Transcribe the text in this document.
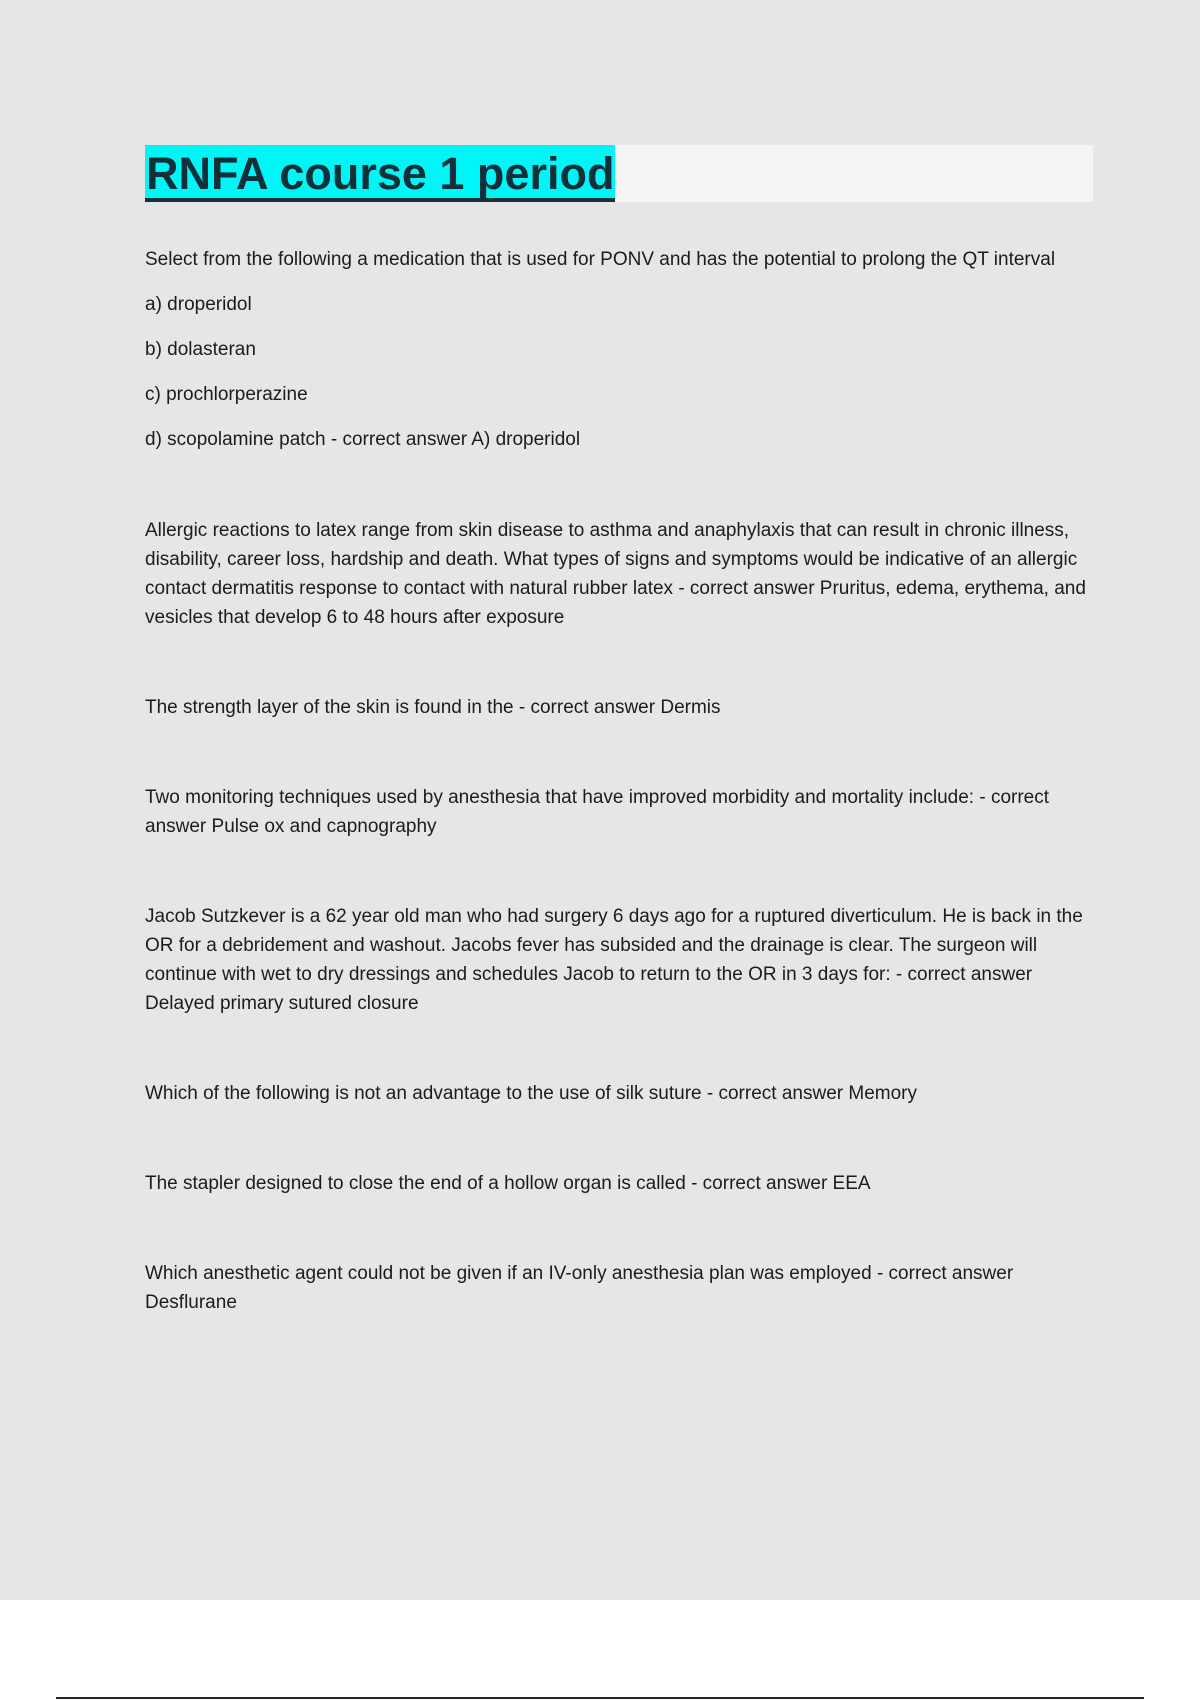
RNFA course 1 period

Select from the following a medication that is used for PONV and has the potential to prolong the QT interval

a) droperidol

b) dolasteran

c) prochlorperazine

d) scopolamine patch - correct answer A) droperidol

Allergic reactions to latex range from skin disease to asthma and anaphylaxis that can result in chronic illness, disability, career loss, hardship and death. What types of signs and symptoms would be indicative of an allergic contact dermatitis response to contact with natural rubber latex - correct answer Pruritus, edema, erythema, and vesicles that develop 6 to 48 hours after exposure

The strength layer of the skin is found in the - correct answer Dermis

Two monitoring techniques used by anesthesia that have improved morbidity and mortality include: - correct answer Pulse ox and capnography

Jacob Sutzkever is a 62 year old man who had surgery 6 days ago for a ruptured diverticulum. He is back in the OR for a debridement and washout. Jacobs fever has subsided and the drainage is clear. The surgeon will continue with wet to dry dressings and schedules Jacob to return to the OR in 3 days for: - correct answer Delayed primary sutured closure

Which of the following is not an advantage to the use of silk suture - correct answer Memory

The stapler designed to close the end of a hollow organ is called - correct answer EEA

Which anesthetic agent could not be given if an IV-only anesthesia plan was employed - correct answer Desflurane
